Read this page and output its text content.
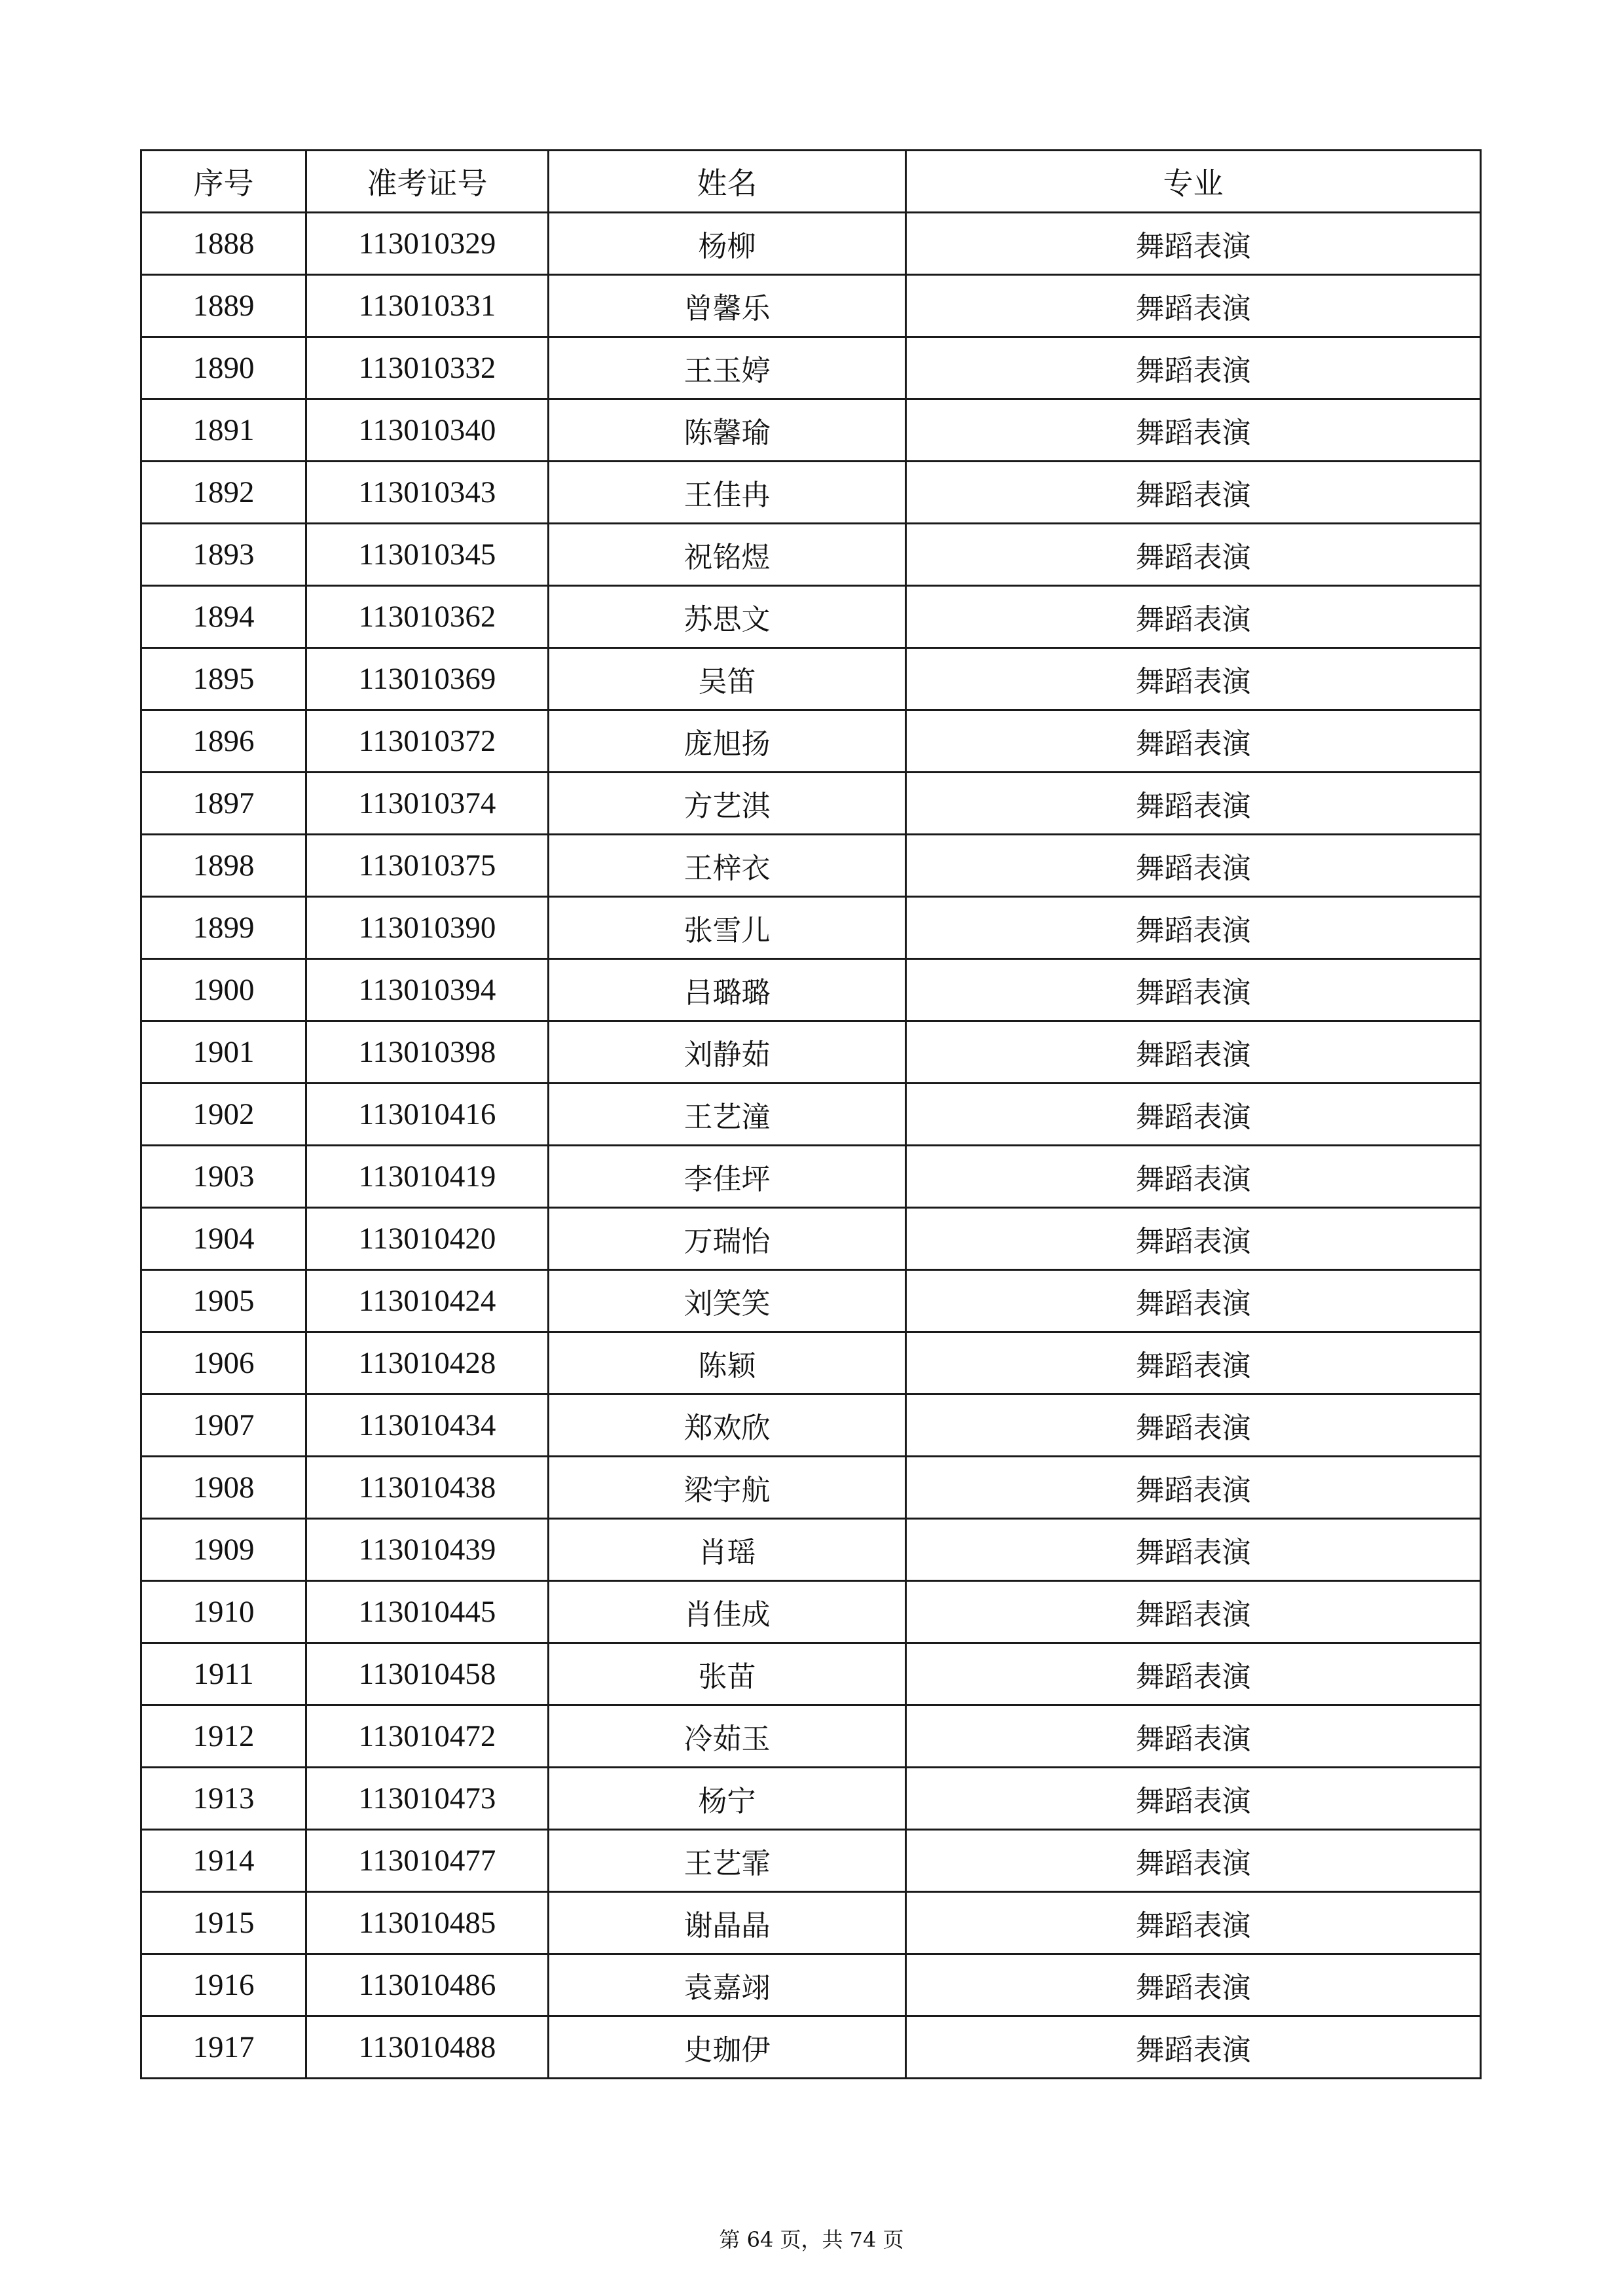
序号	准考证号	姓名	专业
1888	113010329	杨柳	舞蹈表演
1889	113010331	曾馨乐	舞蹈表演
1890	113010332	王玉婷	舞蹈表演
1891	113010340	陈馨瑜	舞蹈表演
1892	113010343	王佳冉	舞蹈表演
1893	113010345	祝铭煜	舞蹈表演
1894	113010362	苏思文	舞蹈表演
1895	113010369	吴笛	舞蹈表演
1896	113010372	庞旭扬	舞蹈表演
1897	113010374	方艺淇	舞蹈表演
1898	113010375	王梓衣	舞蹈表演
1899	113010390	张雪儿	舞蹈表演
1900	113010394	吕璐璐	舞蹈表演
1901	113010398	刘静茹	舞蹈表演
1902	113010416	王艺潼	舞蹈表演
1903	113010419	李佳坪	舞蹈表演
1904	113010420	万瑞怡	舞蹈表演
1905	113010424	刘笑笑	舞蹈表演
1906	113010428	陈颖	舞蹈表演
1907	113010434	郑欢欣	舞蹈表演
1908	113010438	梁宇航	舞蹈表演
1909	113010439	肖瑶	舞蹈表演
1910	113010445	肖佳成	舞蹈表演
1911	113010458	张苗	舞蹈表演
1912	113010472	冷茹玉	舞蹈表演
1913	113010473	杨宁	舞蹈表演
1914	113010477	王艺霏	舞蹈表演
1915	113010485	谢晶晶	舞蹈表演
1916	113010486	袁嘉翊	舞蹈表演
1917	113010488	史珈伊	舞蹈表演
第 64 页，共 74 页
